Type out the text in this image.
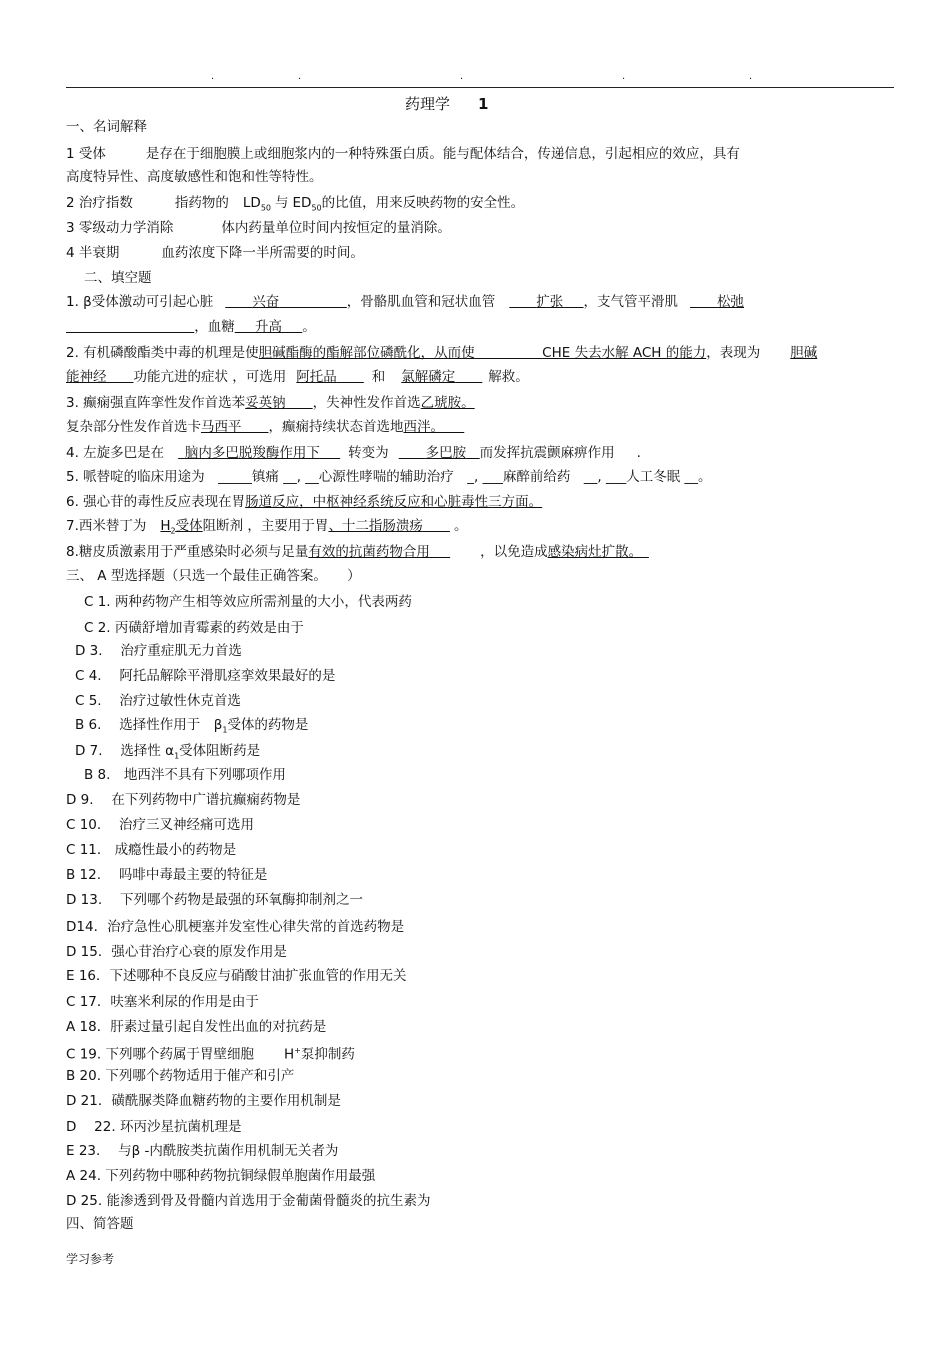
.	.	.	.	.
药理学 1
一、名词解释
1 受体	是存在于细胞膜上或细胞浆内的一种特殊蛋白质。能与配体结合，传递信息，引起相应的效应，具有
高度特异性、高度敏感性和饱和性等特性。
2 治疗指数	指药物的 $LD_{50}$ 与 $ED_{50}$的比值，用来反映药物的安全性。
3 零级动力学消除	体内药量单位时间内按恒定的量消除。
4 半衰期	血药浓度下降一半所需要的时间。
二、填空题
1. β受体激动可引起心脏    	兴奋          	，骨骼肌血管和冠状血管    	扩张    ，支气管平滑肌    	松弛
                   ，血糖    升高    。
2. 有机磷酸酯类中毒的机理是使胆碱酯酶的酯解部位磷酰化，从而使          	CHE 失去水解 ACH 的能力，表现为 胆碱
能神经     功能亢进的症状 ，可选用 阿托品    	和 氯解磷定     解救。
3. 癫痫强直阵挛性发作首选苯妥英钠     ，失神性发作首选乙琥胺。
复杂部分性发作首选卡马西平     ，癫痫持续状态首选地西泮。   
4. 左旋多巴是在  脑内多巴脱羧酶作用下    转变为    	多巴胺   而发挥抗震颤麻痹作用 .
5. 哌替啶的临床用途为　_____镇痛 __, __心源性哮喘的辅助治疗　_, ___麻醉前给药　__, ___人工冬眠 __。
6. 强心苷的毒性反应表现在胃肠道反应，中枢神经系统反应和心脏毒性三方面。
7.西米替丁为 $H_2$受体阻断剂 ，主要用于胃、十二指肠溃疡     。
8.糖皮质激素用于严重感染时必须与足量有效的抗菌药物合用   	，以免造成感染病灶扩散。 
三、 A 型选择题（只选一个最佳正确答案。　　）
C 1. 两种药物产生相等效应所需剂量的大小，代表两药
C 2. 丙磺舒增加青霉素的药效是由于
D 3.　 治疗重症肌无力首选
C 4.　 阿托品解除平滑肌痉挛效果最好的是
C 5.　 治疗过敏性休克首选
B 6.　 选择性作用于　$\beta_1$受体的药物是
D 7.　 选择性 $\alpha_1$受体阻断药是
B 8.　地西泮不具有下列哪项作用
D 9.　 在下列药物中广谱抗癫痫药物是
C 10.　 治疗三叉神经痛可选用
C 11.　成瘾性最小的药物是
B 12.　 吗啡中毒最主要的特征是
D 13.　 下列哪个药物是最强的环氧酶抑制剂之一
D14．治疗急性心肌梗塞并发室性心律失常的首选药物是
D 15．强心苷治疗心衰的原发作用是
E 16．下述哪种不良反应与硝酸甘油扩张血管的作用无关
C 17．呋塞米利尿的作用是由于
A 18．肝素过量引起自发性出血的对抗药是
C 19. 下列哪个药属于胃壁细胞 H+泵抑制药
B 20. 下列哪个药物适用于催产和引产
D 21．磺酰脲类降血糖药物的主要作用机制是
D　 22. 环丙沙星抗菌机理是
E 23.　 与β -内酰胺类抗菌作用机制无关者为
A 24. 下列药物中哪种药物抗铜绿假单胞菌作用最强
D 25. 能渗透到骨及骨髓内首选用于金葡菌骨髓炎的抗生素为
四、简答题
学习参考
